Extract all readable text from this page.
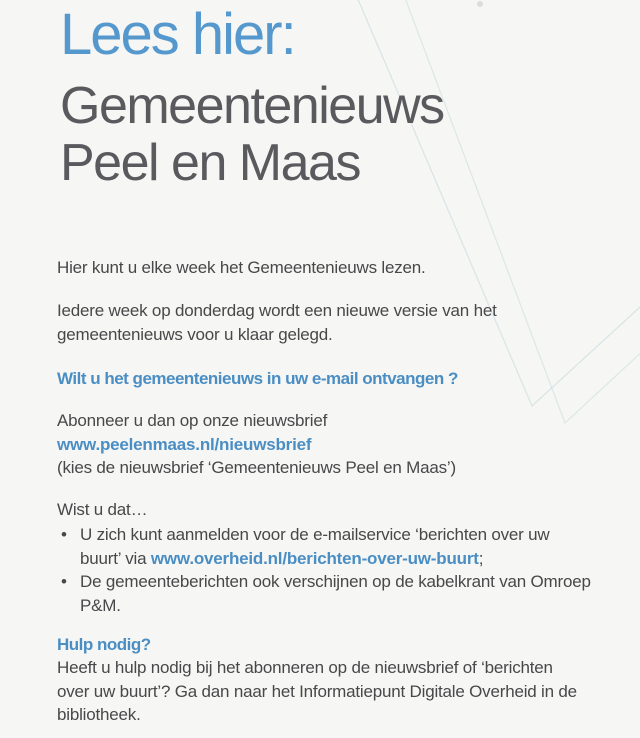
Lees hier:
Gemeentenieuws
Peel en Maas
Hier kunt u elke week het Gemeentenieuws lezen.
Iedere week op donderdag wordt een nieuwe versie van het
gemeentenieuws voor u klaar gelegd.
Wilt u het gemeentenieuws in uw e-mail ontvangen ?
Abonneer u dan op onze nieuwsbrief
www.peelenmaas.nl/nieuwsbrief
(kies de nieuwsbrief ‘Gemeentenieuws Peel en Maas’)
Wist u dat…
•
U zich kunt aanmelden voor de e-mailservice ‘berichten over uw
buurt’ via www.overheid.nl/berichten-over-uw-buurt;
•
De gemeenteberichten ook verschijnen op de kabelkrant van Omroep
P&M.
Hulp nodig?
Heeft u hulp nodig bij het abonneren op de nieuwsbrief of ‘berichten
over uw buurt’? Ga dan naar het Informatiepunt Digitale Overheid in de
bibliotheek.
